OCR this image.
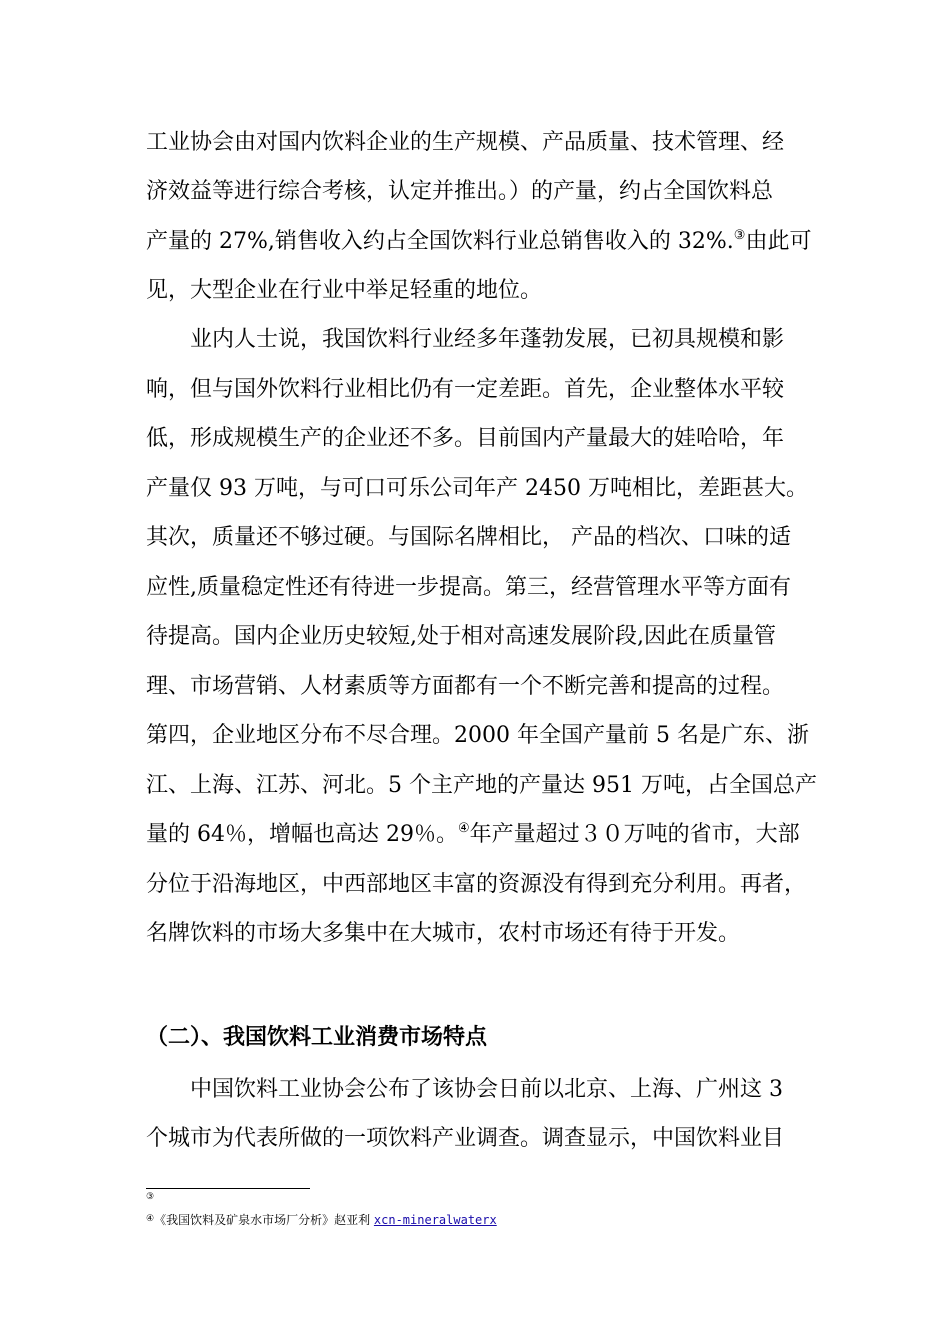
工业协会由对国内饮料企业的生产规模、产品质量、技术管理、经
济效益等进行综合考核，认定并推出。）的产量，约占全国饮料总
产量的 27%,销售收入约占全国饮料行业总销售收入的 32%.③由此可
见，大型企业在行业中举足轻重的地位。
业内人士说，我国饮料行业经多年蓬勃发展，已初具规模和影
响，但与国外饮料行业相比仍有一定差距。首先，企业整体水平较
低，形成规模生产的企业还不多。目前国内产量最大的娃哈哈，年
产量仅 93 万吨，与可口可乐公司年产 2450 万吨相比，差距甚大。
其次，质量还不够过硬。与国际名牌相比， 产品的档次、口味的适
应性,质量稳定性还有待进一步提高。第三，经营管理水平等方面有
待提高。国内企业历史较短,处于相对高速发展阶段,因此在质量管
理、市场营销、人材素质等方面都有一个不断完善和提高的过程。
第四，企业地区分布不尽合理。2000 年全国产量前 5 名是广东、浙
江、上海、江苏、河北。5 个主产地的产量达 951 万吨，占全国总产
量的 64％，增幅也高达 29％。④年产量超过３０万吨的省市，大部
分位于沿海地区，中西部地区丰富的资源没有得到充分利用。再者，
名牌饮料的市场大多集中在大城市，农村市场还有待于开发。
（二）、我国饮料工业消费市场特点
中国饮料工业协会公布了该协会日前以北京、上海、广州这 3
个城市为代表所做的一项饮料产业调查。调查显示，中国饮料业目
③
④《我国饮料及矿泉水市场厂分析》赵亚利 xcn-mineralwaterx
